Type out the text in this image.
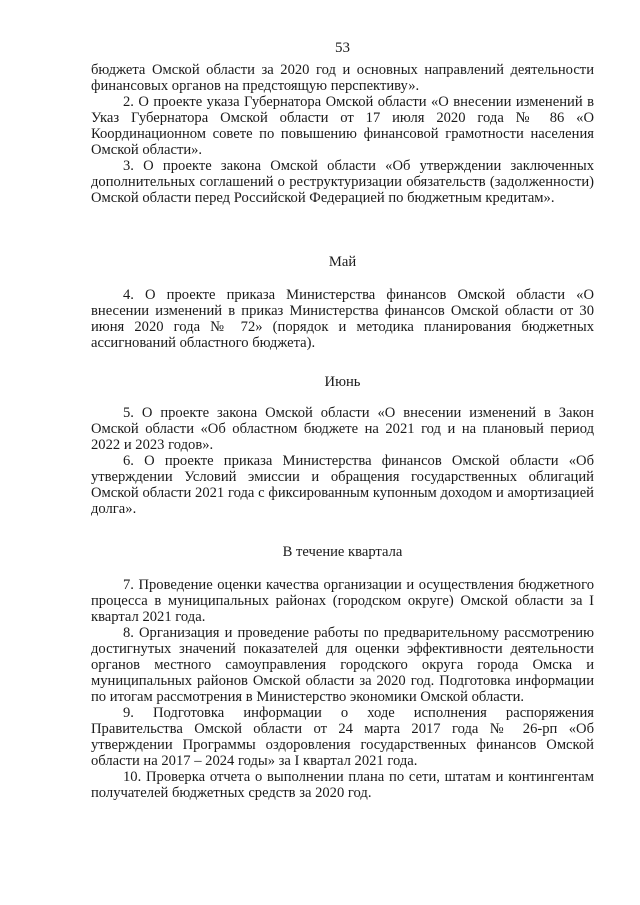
53

бюджета Омской области за 2020 год и основных направлений деятельности финансовых органов на предстоящую перспективу».

2. О проекте указа Губернатора Омской области «О внесении изменений в Указ Губернатора Омской области от 17 июля 2020 года № 86 «О Координационном совете по повышению финансовой грамотности населения Омской области».

3. О проекте закона Омской области «Об утверждении заключенных дополнительных соглашений о реструктуризации обязательств (задолженности) Омской области перед Российской Федерацией по бюджетным кредитам».

Май

4. О проекте приказа Министерства финансов Омской области «О внесении изменений в приказ Министерства финансов Омской области от 30 июня 2020 года № 72» (порядок и методика планирования бюджетных ассигнований областного бюджета).

Июнь

5. О проекте закона Омской области «О внесении изменений в Закон Омской области «Об областном бюджете на 2021 год и на плановый период 2022 и 2023 годов».

6. О проекте приказа Министерства финансов Омской области «Об утверждении Условий эмиссии и обращения государственных облигаций Омской области 2021 года с фиксированным купонным доходом и амортизацией долга».

В течение квартала

7. Проведение оценки качества организации и осуществления бюджетного процесса в муниципальных районах (городском округе) Омской области за I квартал 2021 года.

8. Организация и проведение работы по предварительному рассмотрению достигнутых значений показателей для оценки эффективности деятельности органов местного самоуправления городского округа города Омска и муниципальных районов Омской области за 2020 год. Подготовка информации по итогам рассмотрения в Министерство экономики Омской области.

9. Подготовка информации о ходе исполнения распоряжения Правительства Омской области от 24 марта 2017 года № 26-рп «Об утверждении Программы оздоровления государственных финансов Омской области на 2017 – 2024 годы» за I квартал 2021 года.

10. Проверка отчета о выполнении плана по сети, штатам и контингентам получателей бюджетных средств за 2020 год.
